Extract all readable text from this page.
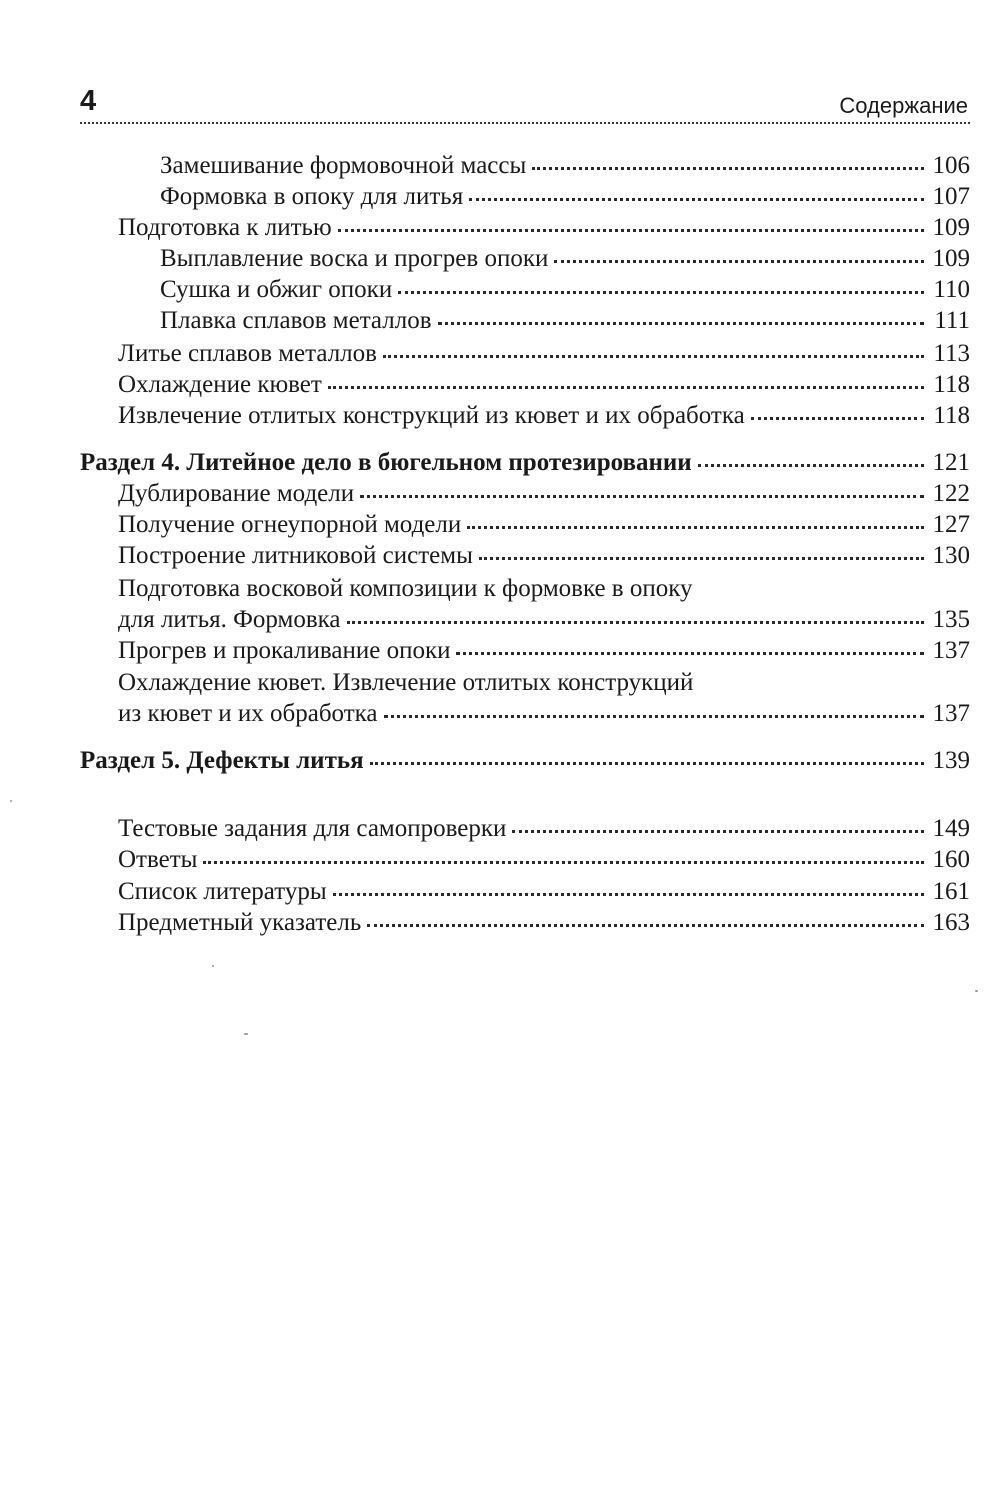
4	Содержание
Замешивание формовочной массы	106
Формовка в опоку для литья	107
Подготовка к литью	109
Выплавление воска и прогрев опоки	109
Сушка и обжиг опоки	110
Плавка сплавов металлов	111
Литье сплавов металлов	113
Охлаждение кювет	118
Извлечение отлитых конструкций из кювет и их обработка	118
Раздел 4. Литейное дело в бюгельном протезировании	121
Дублирование модели	122
Получение огнеупорной модели	127
Построение литниковой системы	130
Подготовка восковой композиции к формовке в опоку
для литья. Формовка	135
Прогрев и прокаливание опоки	137
Охлаждение кювет. Извлечение отлитых конструкций
из кювет и их обработка	137
Раздел 5. Дефекты литья	139
Тестовые задания для самопроверки	149
Ответы	160
Список литературы	161
Предметный указатель	163
